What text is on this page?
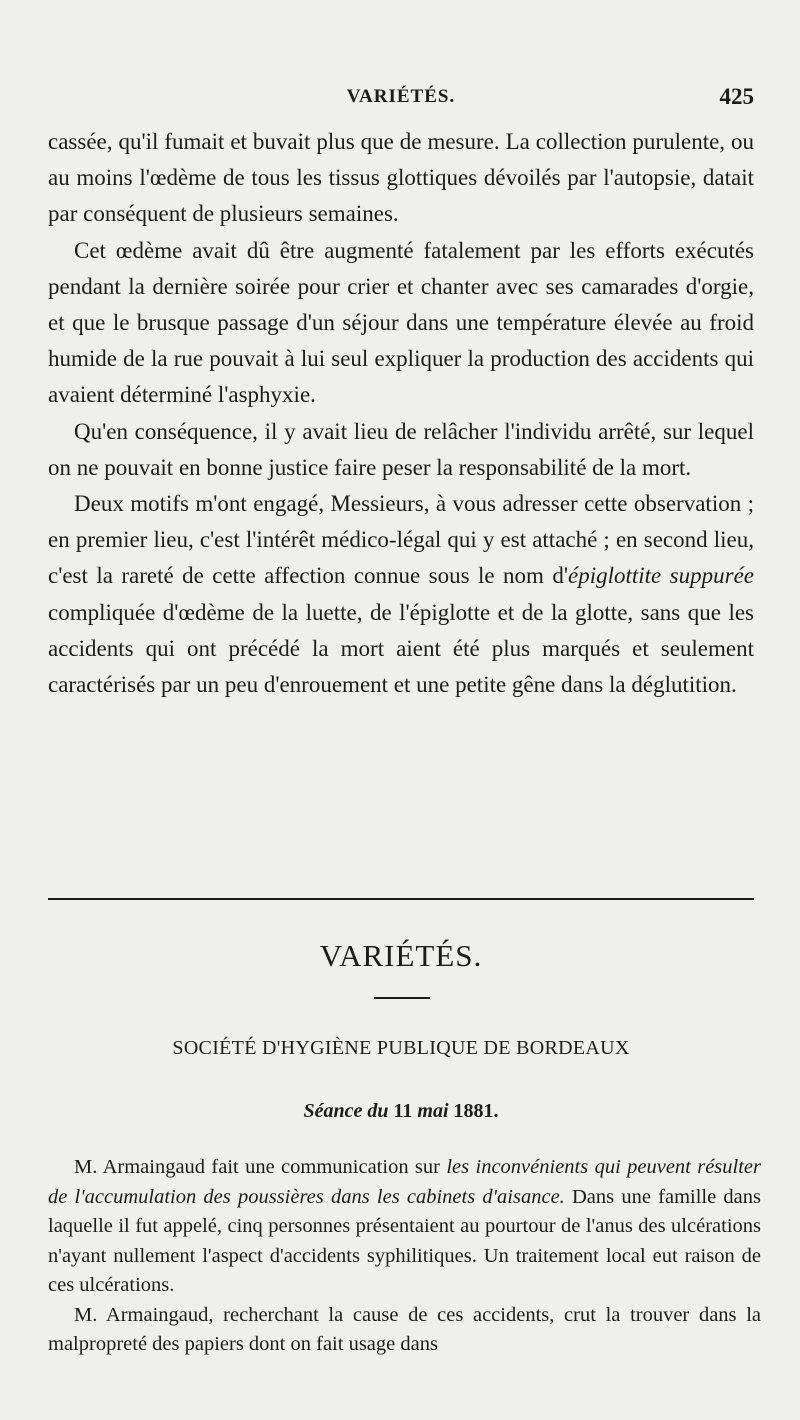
VARIÉTÉS.	425

cassée, qu'il fumait et buvait plus que de mesure. La collection purulente, ou au moins l'œdème de tous les tissus glottiques dévoilés par l'autopsie, datait par conséquent de plusieurs semaines.

Cet œdème avait dû être augmenté fatalement par les efforts exécutés pendant la dernière soirée pour crier et chanter avec ses camarades d'orgie, et que le brusque passage d'un séjour dans une température élevée au froid humide de la rue pouvait à lui seul expliquer la production des accidents qui avaient déterminé l'asphyxie.

Qu'en conséquence, il y avait lieu de relâcher l'individu arrêté, sur lequel on ne pouvait en bonne justice faire peser la responsabilité de la mort.

Deux motifs m'ont engagé, Messieurs, à vous adresser cette observation ; en premier lieu, c'est l'intérêt médico-légal qui y est attaché ; en second lieu, c'est la rareté de cette affection connue sous le nom d'épiglottite suppurée compliquée d'œdème de la luette, de l'épiglotte et de la glotte, sans que les accidents qui ont précédé la mort aient été plus marqués et seulement caractérisés par un peu d'enrouement et une petite gêne dans la déglutition.

VARIÉTÉS.
SOCIÉTÉ D'HYGIÈNE PUBLIQUE DE BORDEAUX
Séance du 11 mai 1881.

M. Armaingaud fait une communication sur les inconvénients qui peuvent résulter de l'accumulation des poussières dans les cabinets d'aisance. Dans une famille dans laquelle il fut appelé, cinq personnes présentaient au pourtour de l'anus des ulcérations n'ayant nullement l'aspect d'accidents syphilitiques. Un traitement local eut raison de ces ulcérations.

M. Armaingaud, recherchant la cause de ces accidents, crut la trouver dans la malpropreté des papiers dont on fait usage dans
